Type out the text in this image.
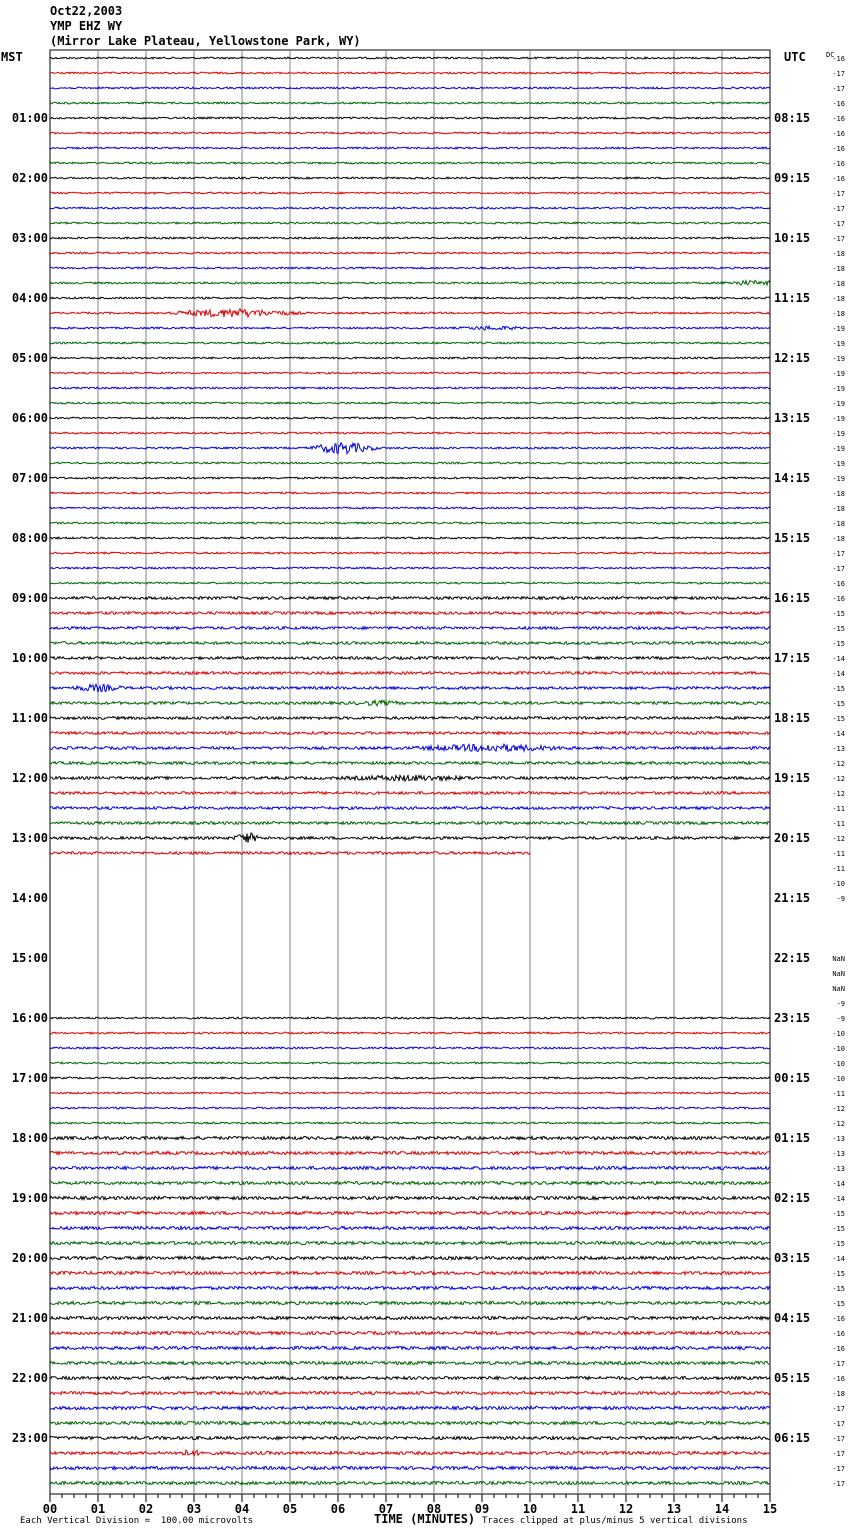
Oct22,2003
YMP EHZ WY
(Mirror Lake Plateau, Yellowstone Park, WY)
MST	UTC
00	01	02	03	04	05	06	07	08	09	10	11	12	13	14	15
01:00
02:00
03:00
04:00
05:00
06:00
07:00
08:00
09:00
10:00
11:00
12:00
13:00
14:00
15:00
16:00
17:00
18:00
19:00
20:00
21:00
22:00
23:00
08:15
09:15
10:15
11:15
12:15
13:15
14:15
15:15
16:15
17:15
18:15
19:15
20:15
21:15
22:15
23:15
00:15
01:15
02:15
03:15
04:15
05:15
06:15
DC
-16
-17
-17
-16
-16
-16
-16
-16
-16
-17
-17
-17
-17
-18
-18
-18
-18
-18
-19
-19
-19
-19
-19
-19
-19
-19
-19
-19
-19
-18
-18
-18
-18
-17
-17
-16
-16
-15
-15
-15
-14
-14
-15
-15
-15
-14
-13
-12
-12
-12
-11
-11
-12
-11
-11
-10
-9
NaN
NaN
NaN
-9
-9
-10
-10
-10
-10
-11
-12
-12
-13
-13
-13
-14
-14
-15
-15
-15
-14
-15
-15
-15
-16
-16
-16
-17
-16
-18
-17
-17
-17
-17
-17
-17
Each Vertical Division =  100.00 microvolts	TIME (MINUTES) Traces clipped at plus/minus 5 vertical divisions
